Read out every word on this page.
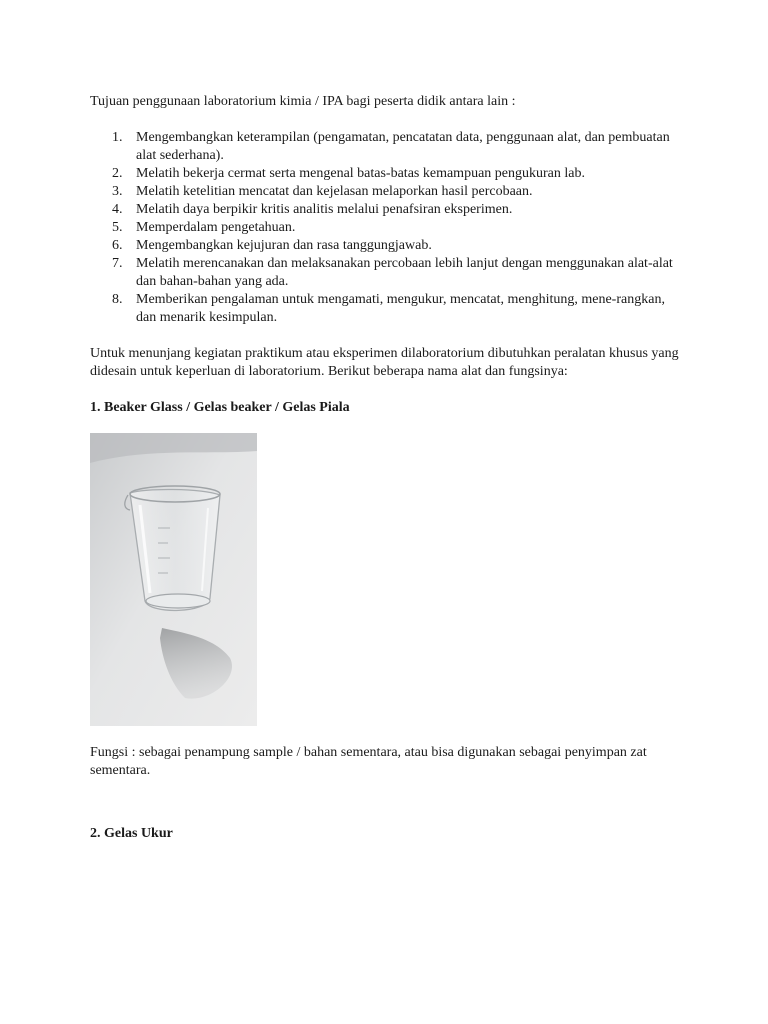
Tujuan penggunaan laboratorium kimia / IPA bagi peserta didik antara lain :
1. Mengembangkan keterampilan (pengamatan, pencatatan data, penggunaan alat, dan pembuatan alat sederhana).
2. Melatih bekerja cermat serta mengenal batas-batas kemampuan pengukuran lab.
3. Melatih ketelitian mencatat dan kejelasan melaporkan hasil percobaan.
4. Melatih daya berpikir kritis analitis melalui penafsiran eksperimen.
5. Memperdalam pengetahuan.
6. Mengembangkan kejujuran dan rasa tanggungjawab.
7. Melatih merencanakan dan melaksanakan percobaan lebih lanjut dengan menggunakan alat-alat dan bahan-bahan yang ada.
8. Memberikan pengalaman untuk mengamati, mengukur, mencatat, menghitung, mene-rangkan, dan menarik kesimpulan.
Untuk menunjang kegiatan praktikum atau eksperimen dilaboratorium dibutuhkan peralatan khusus yang didesain untuk keperluan di laboratorium. Berikut beberapa nama alat dan fungsinya:
1. Beaker Glass / Gelas beaker / Gelas Piala
Fungsi : sebagai penampung sample / bahan sementara, atau bisa digunakan sebagai penyimpan zat sementara.
2. Gelas Ukur
